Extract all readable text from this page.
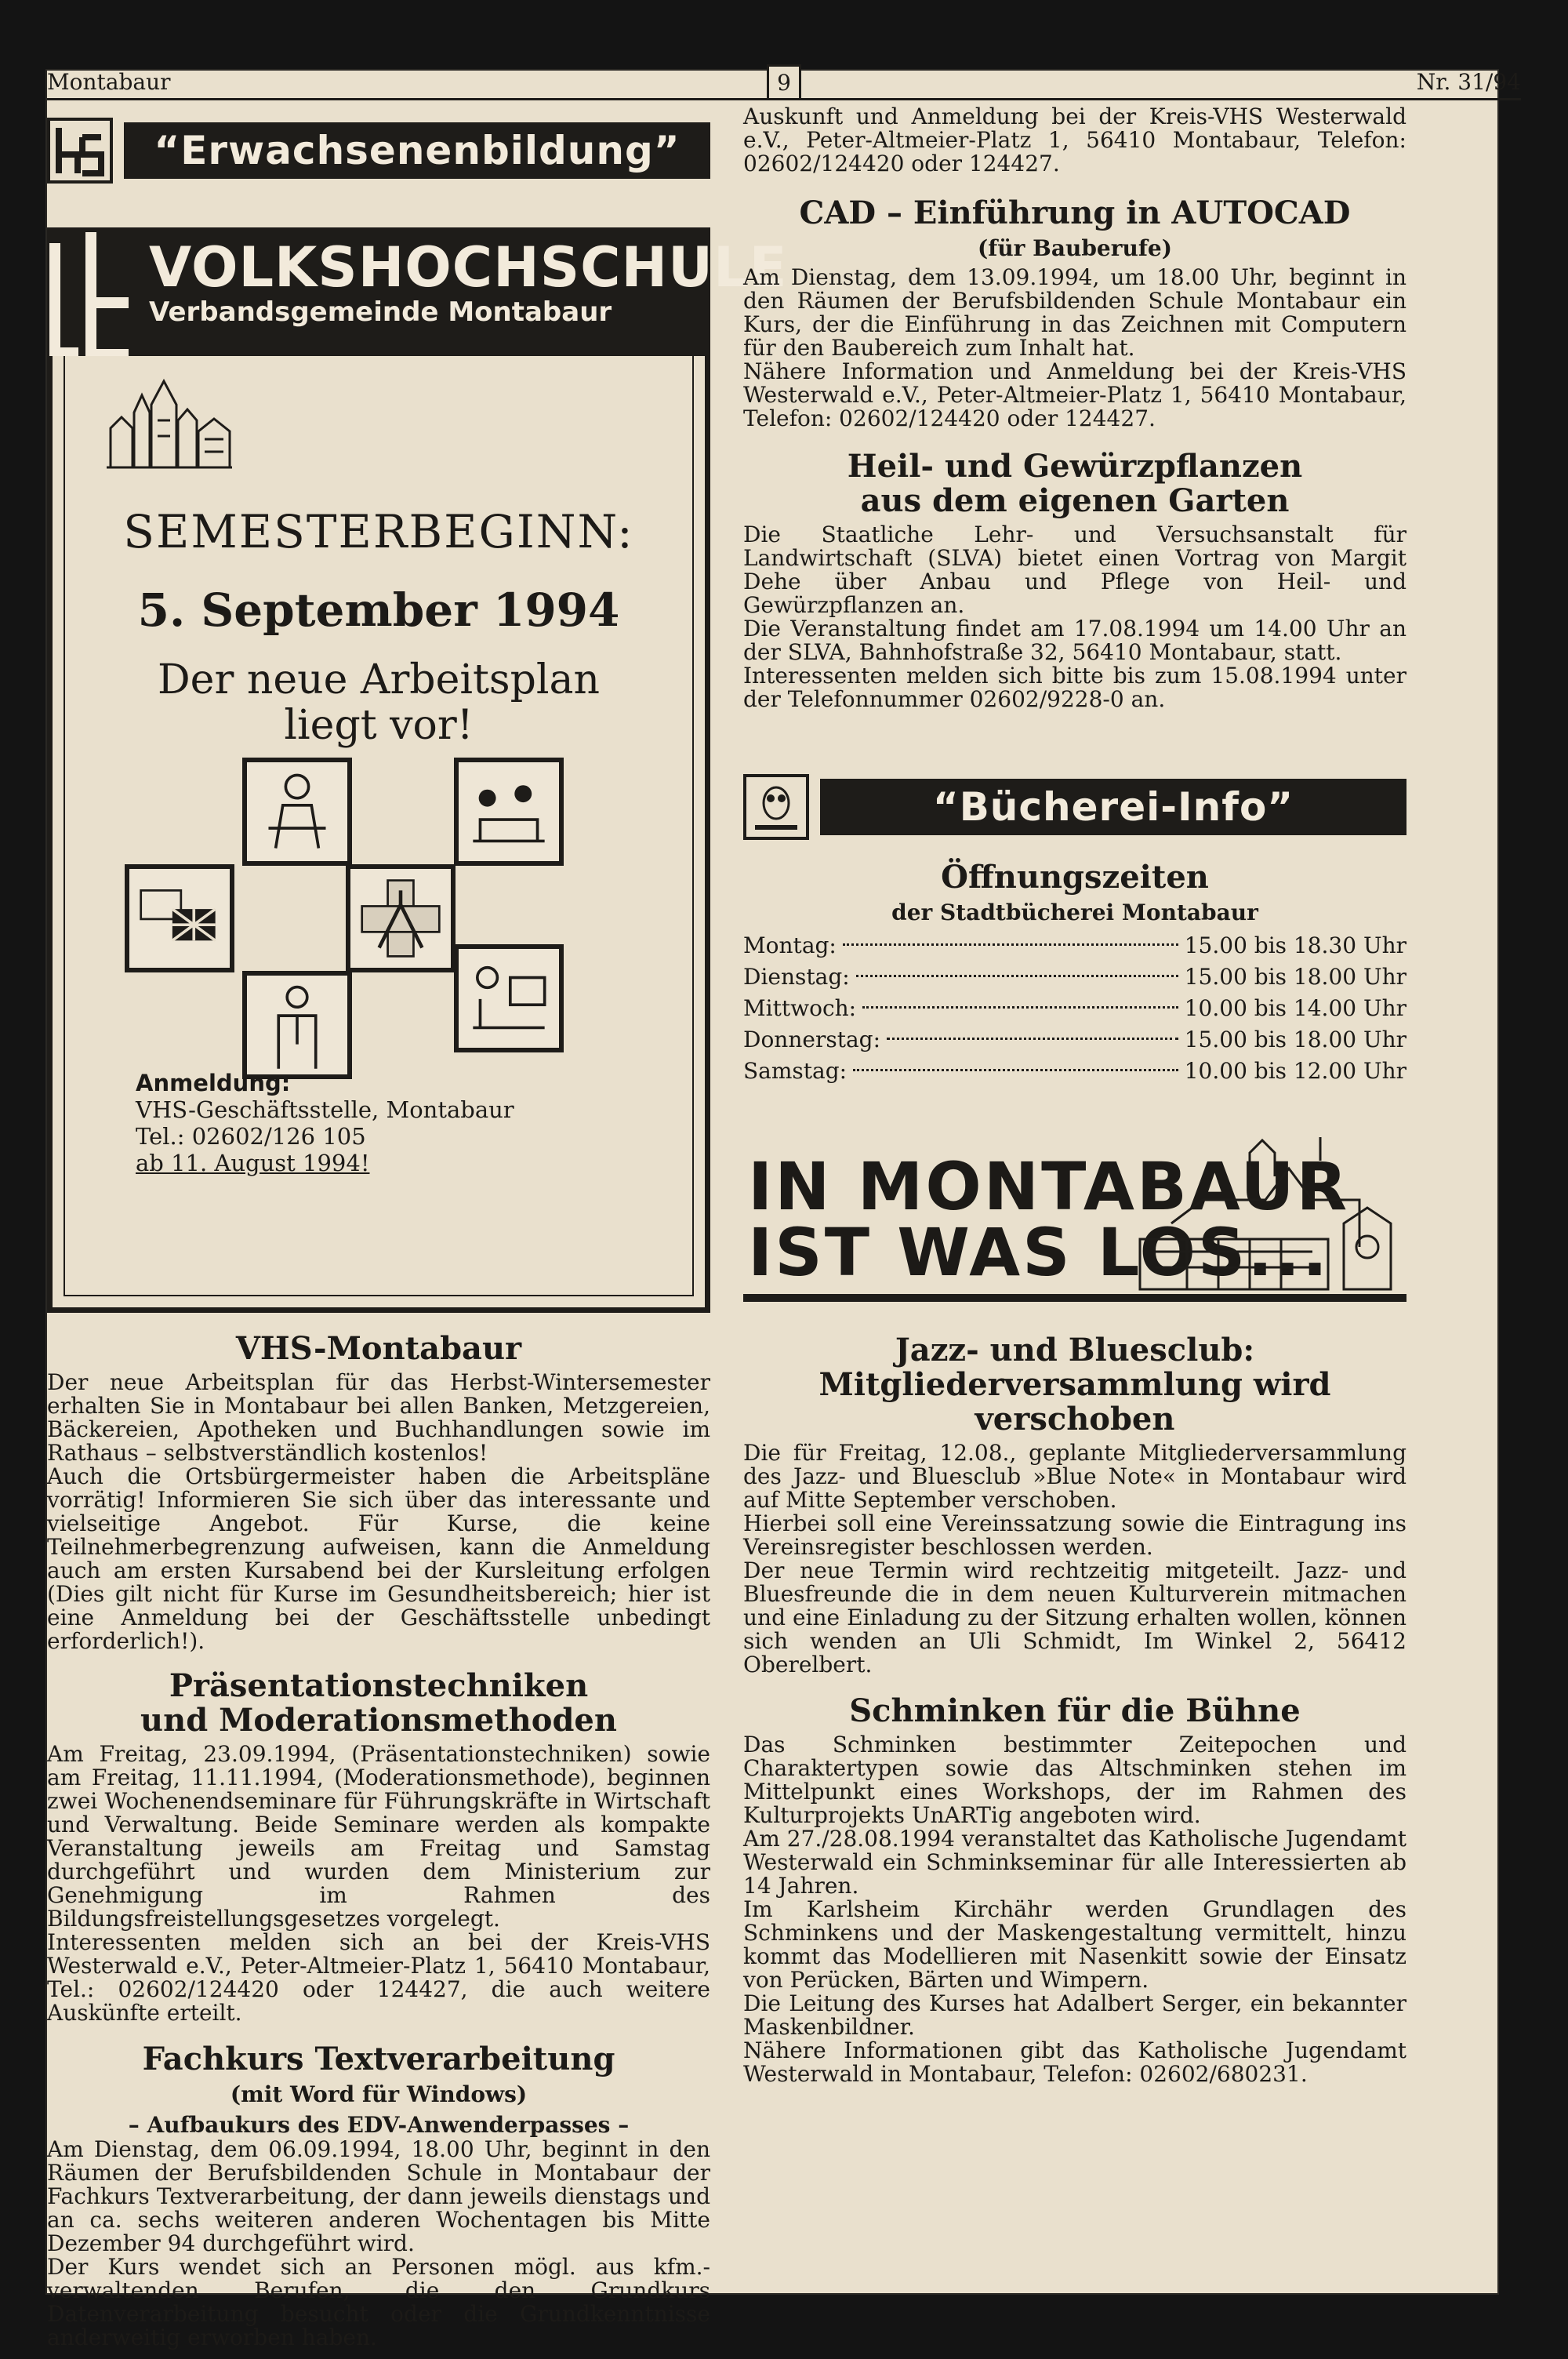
Montabaur	9	Nr. 31/94
“Erwachsenenbildung”
VOLKSHOCHSCHULE
Verbandsgemeinde Montabaur
SEMESTERBEGINN:
5. September 1994
Der neue Arbeitsplan
liegt vor!
Anmeldung:
VHS-Geschäftsstelle, Montabaur
Tel.: 02602/126 105
ab 11. August 1994!
VHS-Montabaur

Der neue Arbeitsplan für das Herbst-Wintersemester erhalten Sie in Montabaur bei allen Banken, Metzgereien, Bäckereien, Apotheken und Buchhandlungen sowie im Rathaus – selbstverständlich kostenlos!

Auch die Ortsbürgermeister haben die Arbeitspläne vorrätig! Informieren Sie sich über das interessante und vielseitige Angebot. Für Kurse, die keine Teilnehmerbegrenzung aufweisen, kann die Anmeldung auch am ersten Kursabend bei der Kursleitung erfolgen (Dies gilt nicht für Kurse im Gesundheitsbereich; hier ist eine Anmeldung bei der Geschäftsstelle unbedingt erforderlich!).

Präsentationstechniken
und Moderationsmethoden

Am Freitag, 23.09.1994, (Präsentationstechniken) sowie am Freitag, 11.11.1994, (Moderationsmethode), beginnen zwei Wochenendseminare für Führungskräfte in Wirtschaft und Verwaltung. Beide Seminare werden als kompakte Veranstaltung jeweils am Freitag und Samstag durchgeführt und wurden dem Ministerium zur Genehmigung im Rahmen des Bildungsfreistellungsgesetzes vorgelegt.

Interessenten melden sich an bei der Kreis-VHS Westerwald e.V., Peter-Altmeier-Platz 1, 56410 Montabaur, Tel.: 02602/124420 oder 124427, die auch weitere Auskünfte erteilt.

Fachkurs Textverarbeitung
(mit Word für Windows)
– Aufbaukurs des EDV-Anwenderpasses –

Am Dienstag, dem 06.09.1994, 18.00 Uhr, beginnt in den Räumen der Berufsbildenden Schule in Montabaur der Fachkurs Textverarbeitung, der dann jeweils dienstags und an ca. sechs weiteren anderen Wochentagen bis Mitte Dezember 94 durchgeführt wird.

Der Kurs wendet sich an Personen mögl. aus kfm.-verwaltenden Berufen, die den Grundkurs Datenverarbeitung besucht oder die Grundkenntnisse anderweitig erworben haben.

Auskunft und Anmeldung bei der Kreis-VHS Westerwald e.V., Peter-Altmeier-Platz 1, 56410 Montabaur, Telefon: 02602/124420 oder 124427.

CAD – Einführung in AUTOCAD
(für Bauberufe)

Am Dienstag, dem 13.09.1994, um 18.00 Uhr, beginnt in den Räumen der Berufsbildenden Schule Montabaur ein Kurs, der die Einführung in das Zeichnen mit Computern für den Baubereich zum Inhalt hat.

Nähere Information und Anmeldung bei der Kreis-VHS Westerwald e.V., Peter-Altmeier-Platz 1, 56410 Montabaur, Telefon: 02602/124420 oder 124427.

Heil- und Gewürzpflanzen
aus dem eigenen Garten

Die Staatliche Lehr- und Versuchsanstalt für Landwirtschaft (SLVA) bietet einen Vortrag von Margit Dehe über Anbau und Pflege von Heil- und Gewürzpflanzen an.

Die Veranstaltung findet am 17.08.1994 um 14.00 Uhr an der SLVA, Bahnhofstraße 32, 56410 Montabaur, statt.

Interessenten melden sich bitte bis zum 15.08.1994 unter der Telefonnummer 02602/9228-0 an.

“Bücherei-Info”
Öffnungszeiten
der Stadtbücherei Montabaur
Montag:	15.00 bis 18.30 Uhr
Dienstag:	15.00 bis 18.00 Uhr
Mittwoch:	10.00 bis 14.00 Uhr
Donnerstag:	15.00 bis 18.00 Uhr
Samstag:	10.00 bis 12.00 Uhr
IN MONTABAUR
IST WAS LOS...
Jazz- und Bluesclub:
Mitgliederversammlung wird verschoben

Die für Freitag, 12.08., geplante Mitgliederversammlung des Jazz- und Bluesclub »Blue Note« in Montabaur wird auf Mitte September verschoben.

Hierbei soll eine Vereinssatzung sowie die Eintragung ins Vereinsregister beschlossen werden.

Der neue Termin wird rechtzeitig mitgeteilt. Jazz- und Bluesfreunde die in dem neuen Kulturverein mitmachen und eine Einladung zu der Sitzung erhalten wollen, können sich wenden an Uli Schmidt, Im Winkel 2, 56412 Oberelbert.

Schminken für die Bühne

Das Schminken bestimmter Zeitepochen und Charaktertypen sowie das Altschminken stehen im Mittelpunkt eines Workshops, der im Rahmen des Kulturprojekts UnARTig angeboten wird.

Am 27./28.08.1994 veranstaltet das Katholische Jugendamt Westerwald ein Schminkseminar für alle Interessierten ab 14 Jahren.

Im Karlsheim Kirchähr werden Grundlagen des Schminkens und der Maskengestaltung vermittelt, hinzu kommt das Modellieren mit Nasenkitt sowie der Einsatz von Perücken, Bärten und Wimpern.

Die Leitung des Kurses hat Adalbert Serger, ein bekannter Maskenbildner.

Nähere Informationen gibt das Katholische Jugendamt Westerwald in Montabaur, Telefon: 02602/680231.
